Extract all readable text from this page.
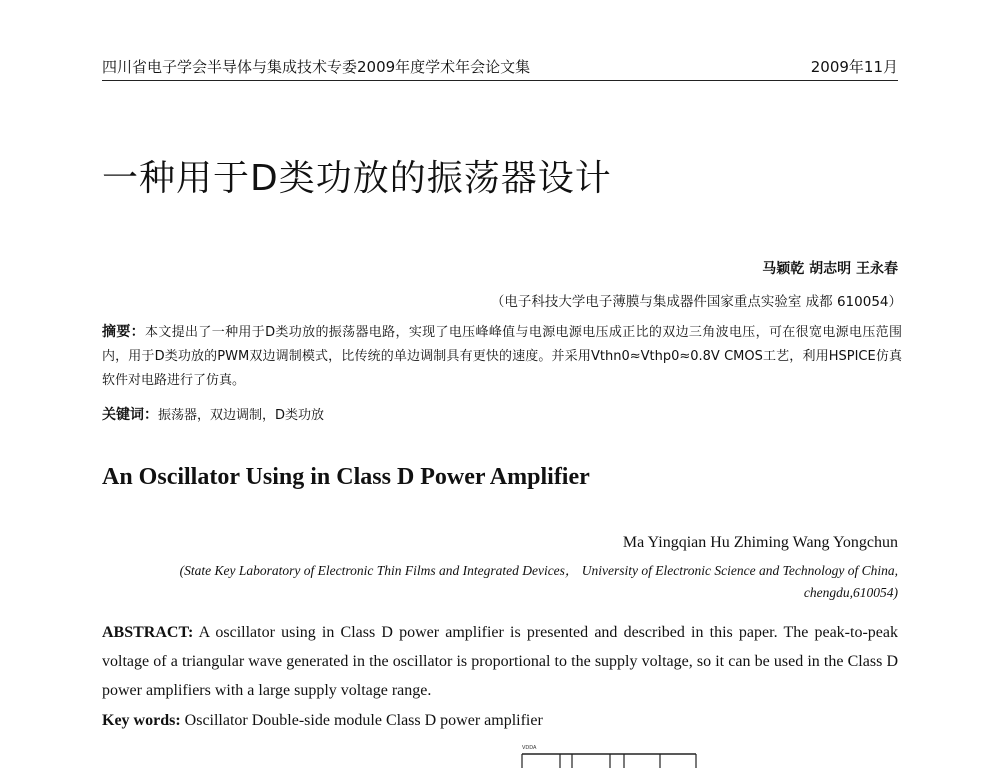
四川省电子学会半导体与集成技术专委2009年度学术年会论文集	2009年11月
一种用于D类功放的振荡器设计
马颖乾 胡志明 王永春
（电子科技大学电子薄膜与集成器件国家重点实验室 成都 610054）
摘要：本文提出了一种用于D类功放的振荡器电路，实现了电压峰峰值与电源电源电压成正比的双边三角波电压，可在很宽电源电压范围内，用于D类功放的PWM双边调制模式，比传统的单边调制具有更快的速度。并采用Vthn0≈Vthp0≈0.8V CMOS工艺，利用HSPICE仿真软件对电路进行了仿真。
关键词：振荡器，双边调制，D类功放
An Oscillator Using in Class D Power Amplifier
Ma Yingqian Hu Zhiming Wang Yongchun
(State Key Laboratory of Electronic Thin Films and Integrated Devices， University of Electronic Science and Technology of China, chengdu,610054)
ABSTRACT: A oscillator using in Class D power amplifier is presented and described in this paper. The peak-to-peak voltage of a triangular wave generated in the oscillator is proportional to the supply voltage, so it can be used in the Class D power amplifiers with a large supply voltage range.
Key words: Oscillator Double-side module Class D power amplifier
VDDA
